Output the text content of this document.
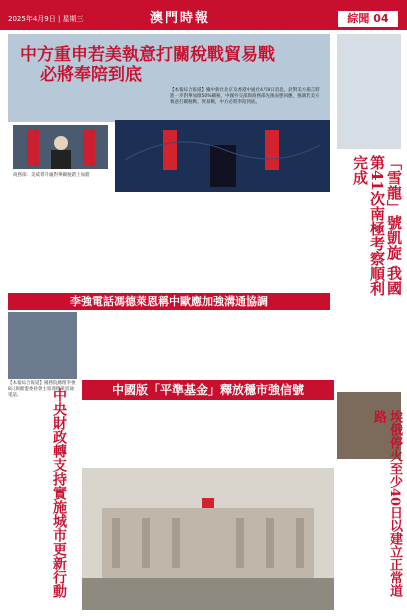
2025年4月9日 | 星期三	澳門時報	綜聞 04
中方重申若美執意打關稅戰貿易戰
必將奉陪到底
【本報綜合報道】據中新社北京及香港中通社4月8日消息，針對美方揚言將進一步對華加徵50%關稅，中國外交部與商務部先後表態回應，強調若美方執意打關稅戰、貿易戰，中方必將奉陪到底。
商務部：美威脅升級對華關稅錯上加錯	「雪龍」號凱旋 我國第41次南極考察順利完成
李強電話馮德萊恩稱中歐應加強溝通協調
【本報綜合報道】國務院總理李強8日與歐盟委員會主席馮德萊恩通電話。	中央財政轉支持實施城市更新行動	中國版「平準基金」釋放穩市強信號
埃俄停火至少40日以建立正常道路
